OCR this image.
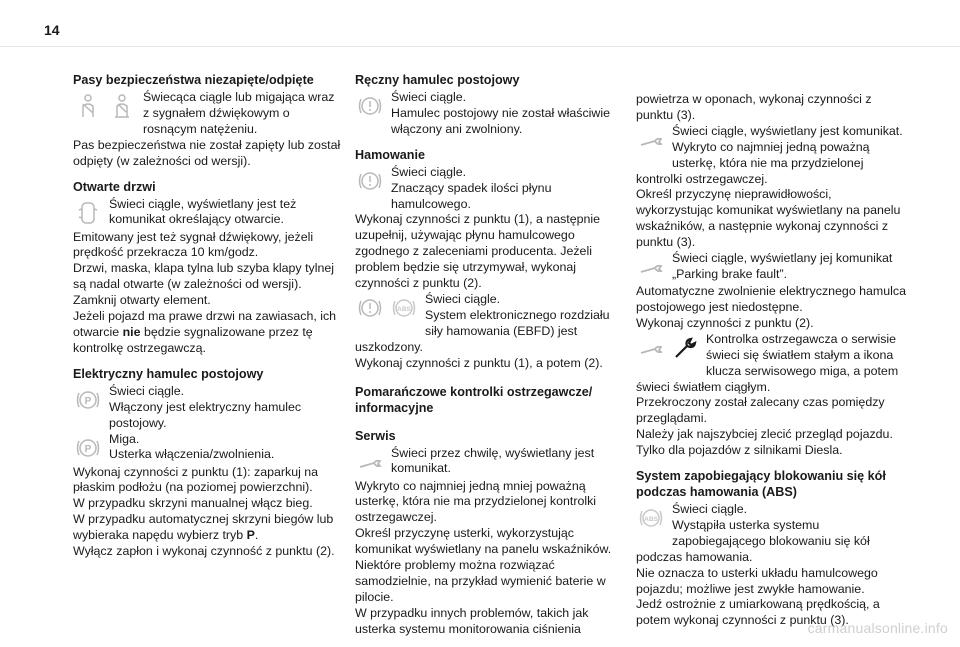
14
Pasy bezpieczeństwa niezapięte/odpięte

Świecąca ciągle lub migająca wraz z sygnałem dźwiękowym o rosnącym natężeniu.

Pas bezpieczeństwa nie został zapięty lub został odpięty (w zależności od wersji).

Otwarte drzwi

Świeci ciągle, wyświetlany jest też komunikat określający otwarcie.

Emitowany jest też sygnał dźwiękowy, jeżeli prędkość przekracza 10 km/godz.

Drzwi, maska, klapa tylna lub szyba klapy tylnej są nadal otwarte (w zależności od wersji).

Zamknij otwarty element.

Jeżeli pojazd ma prawe drzwi na zawiasach, ich otwarcie nie będzie sygnalizowane przez tę kontrolkę ostrzegawczą.

Elektryczny hamulec postojowy
P

Świeci ciągle.

Włączony jest elektryczny hamulec postojowy.

P

Miga.

Usterka włączenia/zwolnienia.

Wykonaj czynności z punktu (1): zaparkuj na płaskim podłożu (na poziomej powierzchni).

W przypadku skrzyni manualnej włącz bieg.

W przypadku automatycznej skrzyni biegów lub wybieraka napędu wybierz tryb P.

Wyłącz zapłon i wykonaj czynność z punktu (2).

Ręczny hamulec postojowy

Świeci ciągle.

Hamulec postojowy nie został właściwie włączony ani zwolniony.

Hamowanie

Świeci ciągle.

Znaczący spadek ilości płynu hamulcowego.

Wykonaj czynności z punktu (1), a następnie uzupełnij, używając płynu hamulcowego zgodnego z zaleceniami producenta. Jeżeli problem będzie się utrzymywał, wykonaj czynności z punktu (2).

ABS

Świeci ciągle.

System elektronicznego rozdziału siły hamowania (EBFD) jest uszkodzony.

Wykonaj czynności z punktu (1), a potem (2).

Pomarańczowe kontrolki ostrzegawcze/ informacyjne
Serwis

Świeci przez chwilę, wyświetlany jest komunikat.

Wykryto co najmniej jedną mniej poważną usterkę, która nie ma przydzielonej kontrolki ostrzegawczej.

Określ przyczynę usterki, wykorzystując komunikat wyświetlany na panelu wskaźników.

Niektóre problemy można rozwiązać samodzielnie, na przykład wymienić baterie w pilocie.

W przypadku innych problemów, takich jak usterka systemu monitorowania ciśnienia

powietrza w oponach, wykonaj czynności z punktu (3).

Świeci ciągle, wyświetlany jest komunikat. Wykryto co najmniej jedną poważną usterkę, która nie ma przydzielonej kontrolki ostrzegawczej.

Określ przyczynę nieprawidłowości, wykorzystując komunikat wyświetlany na panelu wskaźników, a następnie wykonaj czynności z punktu (3).

Świeci ciągle, wyświetlany jej komunikat „Parking brake fault”.

Automatyczne zwolnienie elektrycznego hamulca postojowego jest niedostępne.

Wykonaj czynności z punktu (2).

Kontrolka ostrzegawcza o serwisie świeci się światłem stałym a ikona klucza serwisowego miga, a potem świeci światłem ciągłym.

Przekroczony został zalecany czas pomiędzy przeglądami.

Należy jak najszybciej zlecić przegląd pojazdu.

Tylko dla pojazdów z silnikami Diesla.

System zapobiegający blokowaniu się kół podczas hamowania (ABS)
ABS

Świeci ciągle.

Wystąpiła usterka systemu zapobiegającego blokowaniu się kół podczas hamowania.

Nie oznacza to usterki układu hamulcowego pojazdu; możliwe jest zwykłe hamowanie.

Jedź ostrożnie z umiarkowaną prędkością, a potem wykonaj czynności z punktu (3).

carmanualsonline.info
